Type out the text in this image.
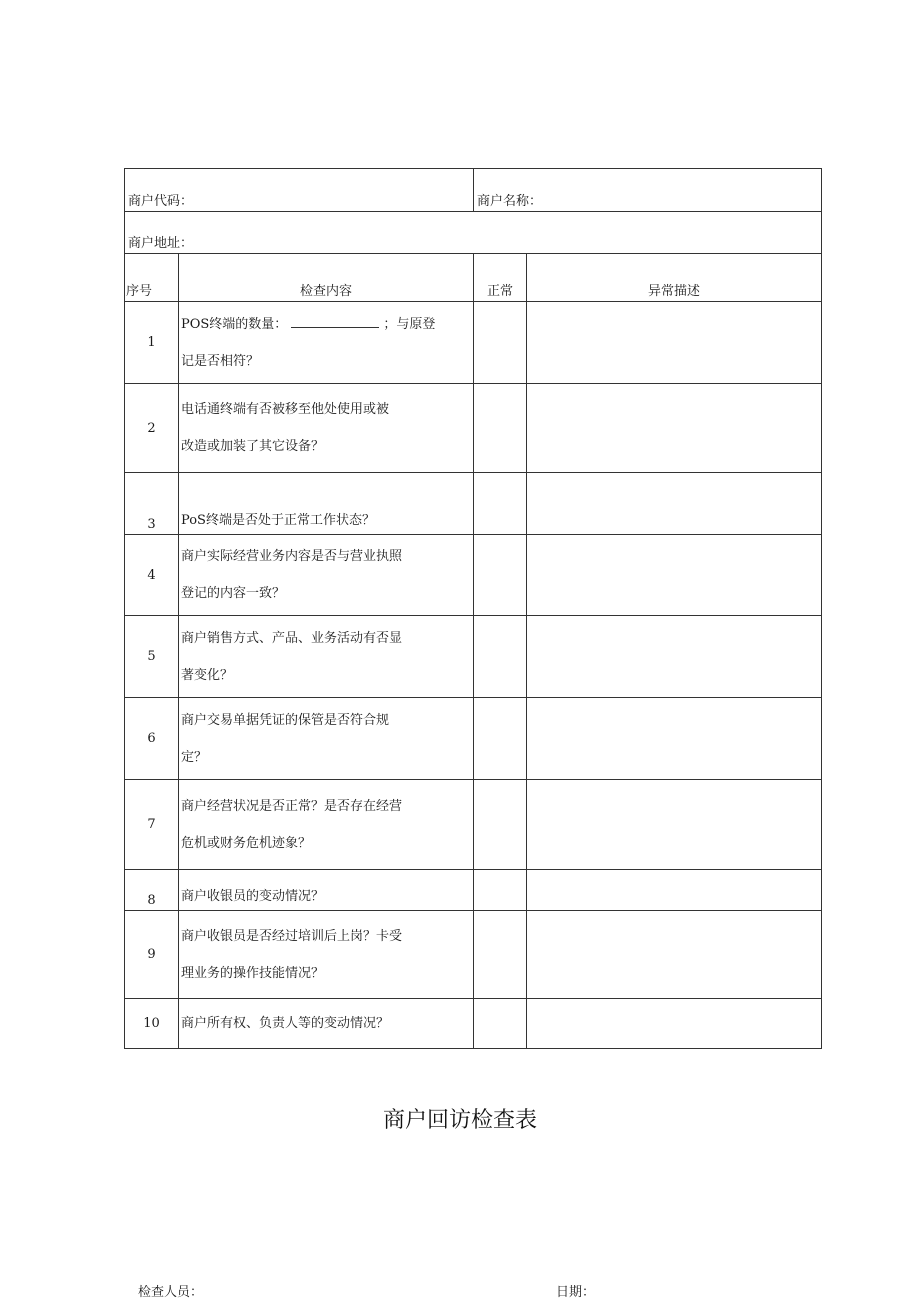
商户代码：		商户名称：	
商户地址：			
序号	检查内容	正常	异常描述
1	POS终端的数量： ；与原登
记是否相符？		

2	电话通终端有否被移至他处使用或被
改造或加装了其它设备？		

3	PoS终端是否处于正常工作状态？		

4	商户实际经营业务内容是否与营业执照
登记的内容一致？		

5	商户销售方式、产品、业务活动有否显
著变化？		

6	商户交易单据凭证的保管是否符合规
定？		

7	商户经营状况是否正常？是否存在经营
危机或财务危机迹象？		

8	商户收银员的变动情况？		

9	商户收银员是否经过培训后上岗？卡受
理业务的操作技能情况？		

10	商户所有权、负责人等的变动情况？		

商户回访检查表
检查人员：	日期：
